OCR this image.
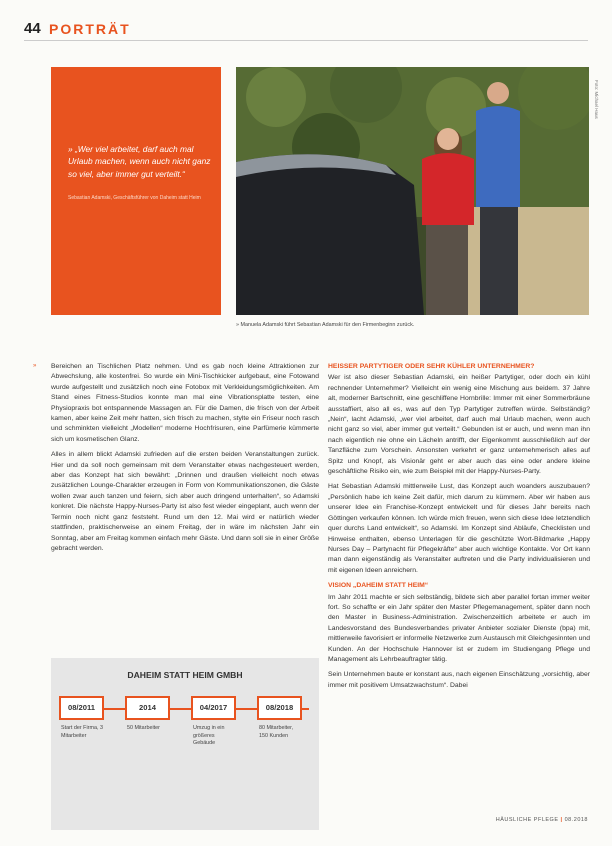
44 PORTRÄT
» „Wer viel arbeitet, darf auch mal Urlaub machen, wenn auch nicht ganz so viel, aber immer gut verteilt.“
Sebastian Adamski, Geschäftsführer von Daheim statt Heim
Foto: Michael Haus
» Manuela Adamski führt Sebastian Adamski für den Firmenbeginn zurück.
» Bereichen an Tischlichen Platz nehmen. Und es gab noch kleine Attraktionen zur Abwechslung, alle kostenfrei. So wurde ein Mini-Tischkicker aufgebaut, eine Fotowand wurde aufgestellt und zusätzlich noch eine Fotobox mit Verkleidungsmöglichkeiten. Am Stand eines Fitness-Studios konnte man mal eine Vibrationsplatte testen, eine Physiopraxis bot entspannende Massagen an. Für die Damen, die frisch von der Arbeit kamen, aber keine Zeit mehr hatten, sich frisch zu machen, stylte ein Friseur noch rasch und schminkten vielleicht „Modellen“ moderne Hochfrisuren, eine Parfümerie kümmerte sich um kosmetischen Glanz.

Alles in allem blickt Adamski zufrieden auf die ersten beiden Veranstaltungen zurück. Hier und da soll noch gemeinsam mit dem Veranstalter etwas nachgesteuert werden, aber das Konzept hat sich bewährt: „Drinnen und draußen vielleicht noch etwas zusätzlichen Lounge-Charakter erzeugen in Form von Kommunikationszonen, die Gäste wollen zwar auch tanzen und feiern, sich aber auch dringend unterhalten“, so Adamski konkret. Die nächste Happy-Nurses-Party ist also fest wieder eingeplant, auch wenn der Termin noch nicht ganz feststeht. Rund um den 12. Mai wird er natürlich wieder stattfinden, praktischerweise an einem Freitag, der in wäre im nächsten Jahr ein Sonntag, aber am Freitag kommen einfach mehr Gäste. Und dann soll sie in einer Größe gebracht werden.

HEISSER PARTYTIGER ODER SEHR KÜHLER UNTERNEHMER?

Wer ist also dieser Sebastian Adamski, ein heißer Partytiger, oder doch ein kühl rechnender Unternehmer? Vielleicht ein wenig eine Mischung aus beidem. 37 Jahre alt, moderner Bartschnitt, eine geschliffene Hornbrille: Immer mit einer Sommerbräune ausstaffiert, also all es, was auf den Typ Partytiger zutreffen würde. Selbständig? „Nein“, lacht Adamski, „wer viel arbeitet, darf auch mal Urlaub machen, wenn auch nicht ganz so viel, aber immer gut verteilt.“ Gebunden ist er auch, und wenn man ihn nach eigentlich nie ohne ein Lächeln antrifft, der Eigenkommt ausschließlich auf der Tanzfläche zum Vorschein. Ansonsten verkehrt er ganz unternehmerisch alles auf Spitz und Knopf, als Visionär geht er aber auch das eine oder andere kleine geschäftliche Risiko ein, wie zum Beispiel mit der Happy-Nurses-Party.

Hat Sebastian Adamski mittlerweile Lust, das Konzept auch woanders auszubauen? „Persönlich habe ich keine Zeit dafür, mich darum zu kümmern. Aber wir haben aus unserer Idee ein Franchise-Konzept entwickelt und für dieses Jahr bereits nach Göttingen verkaufen können. Ich würde mich freuen, wenn sich diese Idee letztendlich quer durchs Land entwickelt“, so Adamski. Im Konzept sind Abläufe, Checklisten und Hinweise enthalten, ebenso Unterlagen für die geschützte Wort-Bildmarke „Happy Nurses Day – Partynacht für Pflegekräfte“ aber auch wichtige Kontakte. Vor Ort kann man dann eigenständig als Veranstalter auftreten und die Party individualisieren und mit eigenen Ideen anreichern.

VISION „DAHEIM STATT HEIM“

Im Jahr 2011 machte er sich selbständig, bildete sich aber parallel fortan immer weiter fort. So schaffte er ein Jahr später den Master Pflegemanagement, später dann noch den Master in Business-Administration. Zwischenzeitlich arbeitete er auch im Landesvorstand des Bundesverbandes privater Anbieter sozialer Dienste (bpa) mit, mittlerweile favorisiert er informelle Netzwerke zum Austausch mit Gleichgesinnten und Kunden. An der Hochschule Hannover ist er zudem im Studiengang Pflege und Management als Lehrbeauftragter tätig.

Sein Unternehmen baute er konstant aus, nach eigenen Einschätzung „vorsichtig, aber immer mit positivem Umsatzwachstum“. Dabei

DAHEIM STATT HEIM GMBH
08/2011	2014	04/2017	08/2018
Start der Firma, 3 Mitarbeiter
50 Mitarbeiter	Umzug in ein größeres Gebäude
80 Mitarbeiter, 150 Kunden
HÄUSLICHE PFLEGE | 08.2018
